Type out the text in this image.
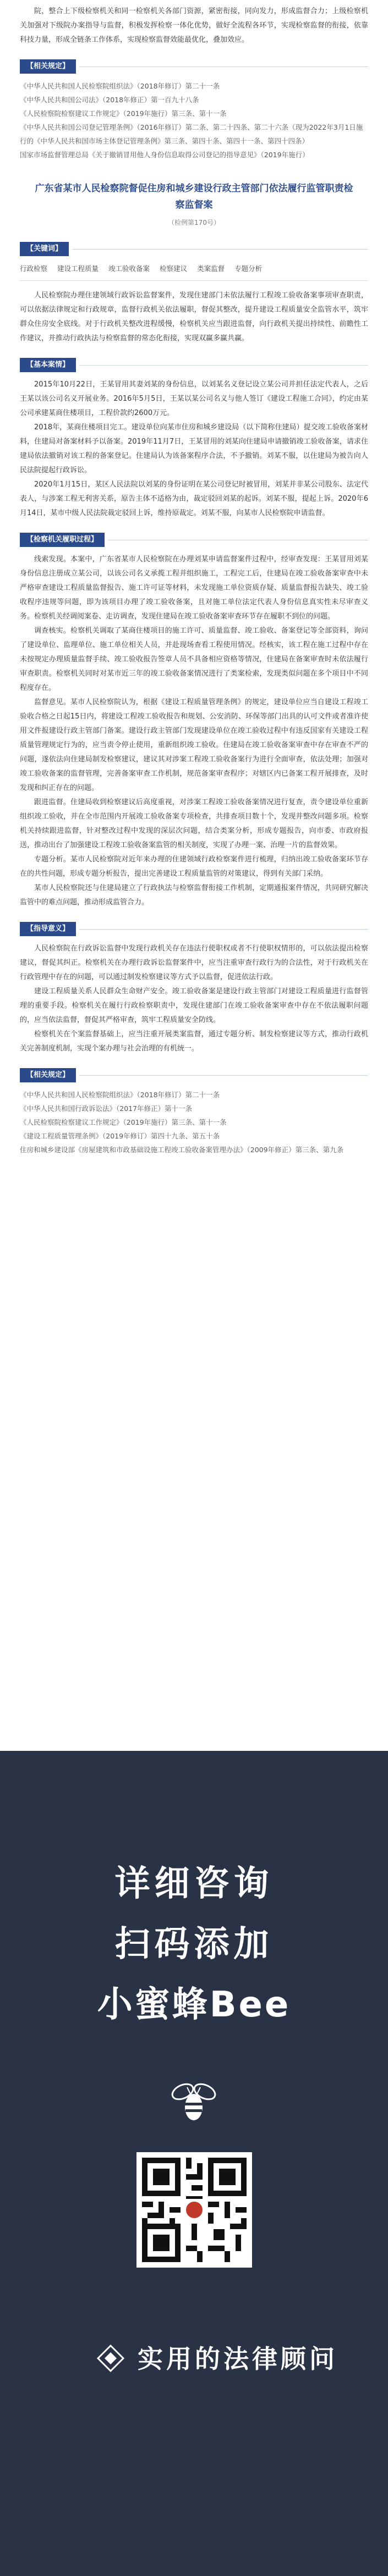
院，整合上下级检察机关和同一检察机关各部门资源，紧密衔接，同向发力，形成监督合力；上级检察机关加强对下级院办案指导与监督，积极发挥检察一体化优势，做好全流程各环节，实现检察监督的衔接，依靠科技力量，形成全链条工作体系，实现检察监督效能最优化，叠加效应。

【相关规定】
《中华人民共和国人民检察院组织法》（2018年修订）第二十一条
《中华人民共和国公司法》（2018年修正）第一百九十八条
《人民检察院检察建议工作规定》（2019年施行）第三条、第十一条
《中华人民共和国公司登记管理条例》（2016年修订）第二条、第二十四条、第二十六条（现为2022年3月1日施行的《中华人民共和国市场主体登记管理条例》第三条、第四十条、第四十一条、第四十四条）
国家市场监督管理总局《关于撤销冒用他人身份信息取得公司登记的指导意见》（2019年施行）
广东省某市人民检察院督促住房和城乡建设行政主管部门依法履行监管职责检察监督案
（检例第170号）
【关键词】
行政检察 建设工程质量 竣工验收备案 检察建议 类案监督 专题分析

人民检察院办理住建领域行政诉讼监督案件，发现住建部门未依法履行工程竣工验收备案事项审查职责，可以依据法律规定和行政规章，监督行政机关依法履职，督促其整改，提升建设工程质量安全监管水平，筑牢群众住房安全底线。对于行政机关整改进程缓慢，检察机关应当跟进监督，向行政机关提出持续性、前瞻性工作建议，并推动行政执法与检察监督的常态化衔接，实现双赢多赢共赢。

【基本案情】

2015年10月22日，王某冒用其妻刘某的身份信息，以刘某名义登记设立某公司并担任法定代表人，之后王某以该公司名义开展业务。2016年5月5日，王某以某公司名义与他人签订《建设工程施工合同》，约定由某公司承建某商住楼项目，工程价款约2600万元。

2018年，某商住楼项目完工。建设单位向某市住房和城乡建设局（以下简称住建局）提交竣工验收备案材料，住建局对备案材料予以备案。2019年11月7日，王某冒用的刘某向住建局申请撤销竣工验收备案，请求住建局依法撤销对该工程的备案登记。住建局认为该备案程序合法，不予撤销。刘某不服，以住建局为被告向人民法院提起行政诉讼。

2020年1月15日，某区人民法院以刘某的身份证明在某公司登记时被冒用，刘某并非某公司股东、法定代表人，与涉案工程无利害关系，原告主体不适格为由，裁定驳回刘某的起诉。刘某不服，提起上诉。2020年6月14日，某市中级人民法院裁定驳回上诉，维持原裁定。刘某不服，向某市人民检察院申请监督。

【检察机关履职过程】

线索发现。本案中，广东省某市人民检察院在办理刘某申请监督案件过程中，经审查发现：王某冒用刘某身份信息注册成立某公司，以该公司名义承揽工程并组织施工，工程完工后，住建局在竣工验收备案审查中未严格审查建设工程质量监督报告、施工许可证等材料，未发现施工单位资质存疑、质量监督报告缺失、竣工验收程序违规等问题，即为该项目办理了竣工验收备案，且对施工单位法定代表人身份信息真实性未尽审查义务。检察机关经调阅案卷、走访调查，发现住建局在竣工验收备案审查环节存在履职不到位的问题。

调查核实。检察机关调取了某商住楼项目的施工许可、质量监督、竣工验收、备案登记等全部资料，询问了建设单位、监理单位、施工单位相关人员，并赴现场查看工程使用情况。经核实，该工程在施工过程中存在未按规定办理质量监督手续、竣工验收报告签章人员不具备相应资格等情况，住建局在备案审查时未依法履行审查职责。检察机关同时对某市近三年的竣工验收备案情况进行了类案检索，发现类似问题在多个项目中不同程度存在。

监督意见。某市人民检察院认为，根据《建设工程质量管理条例》的规定，建设单位应当自建设工程竣工验收合格之日起15日内，将建设工程竣工验收报告和规划、公安消防、环保等部门出具的认可文件或者准许使用文件报建设行政主管部门备案。建设行政主管部门发现建设单位在竣工验收过程中有违反国家有关建设工程质量管理规定行为的，应当责令停止使用，重新组织竣工验收。住建局在竣工验收备案审查中存在审查不严的问题，遂依法向住建局制发检察建议，建议其对涉案工程竣工验收备案行为进行全面审查，依法处理；加强对竣工验收备案的监督管理，完善备案审查工作机制，规范备案审查程序；对辖区内已备案工程开展排查，及时发现和纠正存在的问题。

跟进监督。住建局收到检察建议后高度重视，对涉案工程竣工验收备案情况进行复查，责令建设单位重新组织竣工验收，并在全市范围内开展竣工验收备案专项检查，共排查项目数十个，发现并整改问题多项。检察机关持续跟进监督，针对整改过程中发现的深层次问题，结合类案分析，形成专题报告，向市委、市政府报送，推动出台了加强建设工程竣工验收备案监管的相关制度，实现了办理一案、治理一片的监督效果。

专题分析。某市人民检察院对近年来办理的住建领域行政检察案件进行梳理，归纳出竣工验收备案环节存在的共性问题，形成专题分析报告，提出完善建设工程质量监管的对策建议，得到有关部门采纳。

某市人民检察院还与住建局建立了行政执法与检察监督衔接工作机制，定期通报案件情况，共同研究解决监管中的难点问题，推动形成监管合力。

【指导意义】

人民检察院在行政诉讼监督中发现行政机关存在违法行使职权或者不行使职权情形的，可以依法提出检察建议，督促其纠正。检察机关在办理行政诉讼监督案件中，应当注重审查行政行为的合法性，对于行政机关在行政管理中存在的问题，可以通过制发检察建议等方式予以监督，促进依法行政。

建设工程质量关系人民群众生命财产安全。竣工验收备案是建设行政主管部门对建设工程质量进行监督管理的重要手段。检察机关在履行行政检察职责中，发现住建部门在竣工验收备案审查中存在不依法履职问题的，应当依法监督，督促其严格审查，筑牢工程质量安全防线。

检察机关在个案监督基础上，应当注重开展类案监督，通过专题分析、制发检察建议等方式，推动行政机关完善制度机制，实现个案办理与社会治理的有机统一。

【相关规定】
《中华人民共和国人民检察院组织法》（2018年修订）第二十一条
《中华人民共和国行政诉讼法》（2017年修正）第十一条
《人民检察院检察建议工作规定》（2019年施行）第三条、第十一条
《建设工程质量管理条例》（2019年修订）第四十九条、第五十条
住房和城乡建设部《房屋建筑和市政基础设施工程竣工验收备案管理办法》（2009年修正）第三条、第九条
详细咨询
扫码添加
小蜜蜂Bee
实用的法律顾问
